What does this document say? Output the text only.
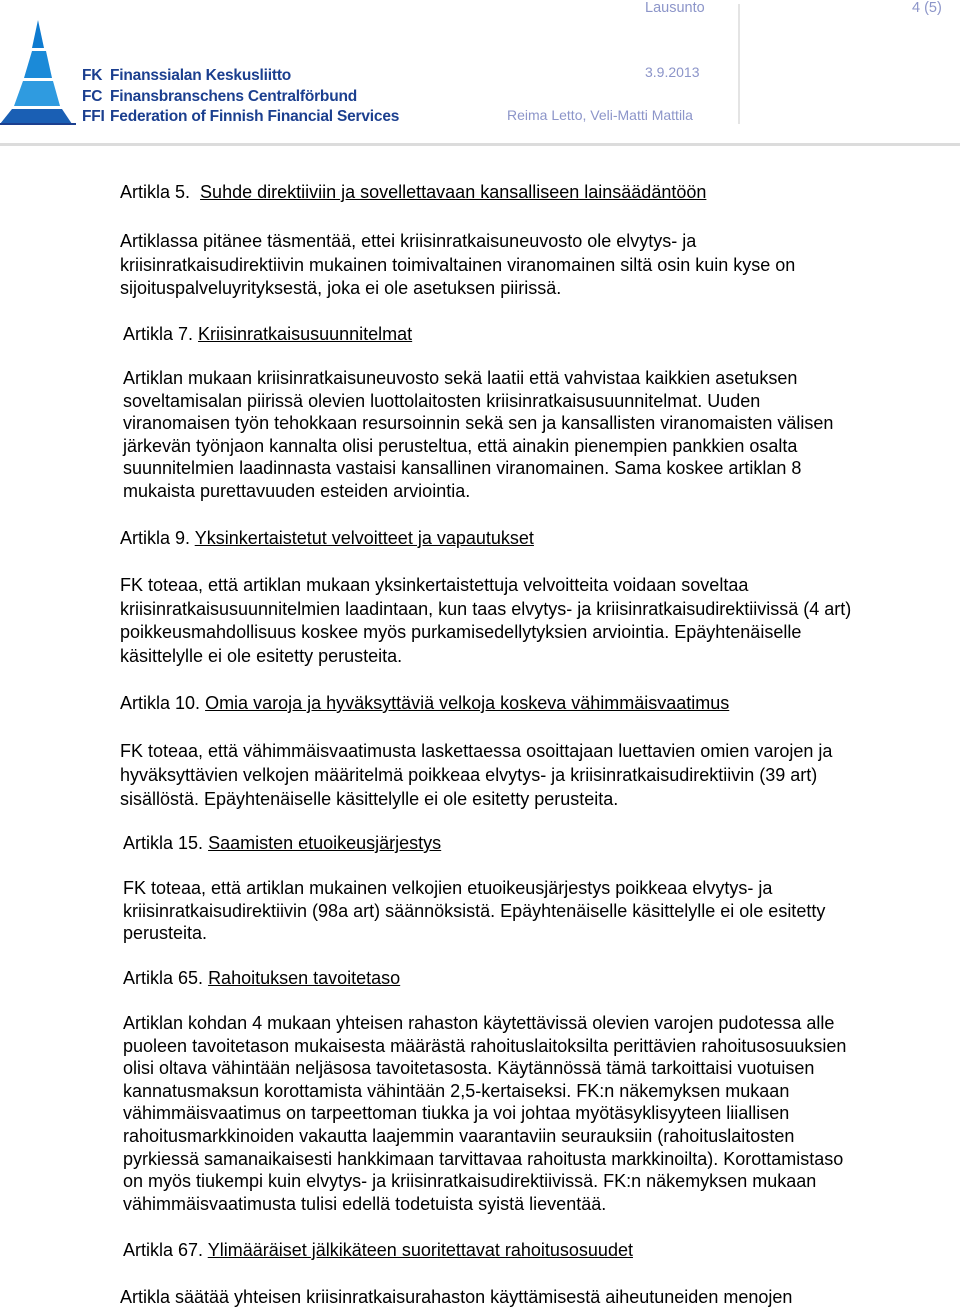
FK Finanssialan Keskusliitto
FC Finansbranschens Centralförbund
FFI Federation of Finnish Financial Services
Lausunto	4 (5)
3.9.2013
Reima Letto, Veli-Matti Mattila
Artikla 5. Suhde direktiiviin ja sovellettavaan kansalliseen lainsäädäntöön
Artiklassa pitänee täsmentää, ettei kriisinratkaisuneuvosto ole elvytys- ja
kriisinratkaisudirektiivin mukainen toimivaltainen viranomainen siltä osin kuin kyse on
sijoituspalveluyrityksestä, joka ei ole asetuksen piirissä.
Artikla 7. Kriisinratkaisusuunnitelmat
Artiklan mukaan kriisinratkaisuneuvosto sekä laatii että vahvistaa kaikkien asetuksen
soveltamisalan piirissä olevien luottolaitosten kriisinratkaisusuunnitelmat. Uuden
viranomaisen työn tehokkaan resursoinnin sekä sen ja kansallisten viranomaisten välisen
järkevän työnjaon kannalta olisi perusteltua, että ainakin pienempien pankkien osalta
suunnitelmien laadinnasta vastaisi kansallinen viranomainen. Sama koskee artiklan 8
mukaista purettavuuden esteiden arviointia.
Artikla 9. Yksinkertaistetut velvoitteet ja vapautukset
FK toteaa, että artiklan mukaan yksinkertaistettuja velvoitteita voidaan soveltaa
kriisinratkaisusuunnitelmien laadintaan, kun taas elvytys- ja kriisinratkaisudirektiivissä (4 art)
poikkeusmahdollisuus koskee myös purkamisedellytyksien arviointia. Epäyhtenäiselle
käsittelylle ei ole esitetty perusteita.
Artikla 10. Omia varoja ja hyväksyttäviä velkoja koskeva vähimmäisvaatimus
FK toteaa, että vähimmäisvaatimusta laskettaessa osoittajaan luettavien omien varojen ja
hyväksyttävien velkojen määritelmä poikkeaa elvytys- ja kriisinratkaisudirektiivin (39 art)
sisällöstä. Epäyhtenäiselle käsittelylle ei ole esitetty perusteita.
Artikla 15. Saamisten etuoikeusjärjestys
FK toteaa, että artiklan mukainen velkojien etuoikeusjärjestys poikkeaa elvytys- ja
kriisinratkaisudirektiivin (98a art) säännöksistä. Epäyhtenäiselle käsittelylle ei ole esitetty
perusteita.
Artikla 65. Rahoituksen tavoitetaso
Artiklan kohdan 4 mukaan yhteisen rahaston käytettävissä olevien varojen pudotessa alle
puoleen tavoitetason mukaisesta määrästä rahoituslaitoksilta perittävien rahoitusosuuksien
olisi oltava vähintään neljäsosa tavoitetasosta. Käytännössä tämä tarkoittaisi vuotuisen
kannatusmaksun korottamista vähintään 2,5-kertaiseksi. FK:n näkemyksen mukaan
vähimmäisvaatimus on tarpeettoman tiukka ja voi johtaa myötäsyklisyyteen liiallisen
rahoitusmarkkinoiden vakautta laajemmin vaarantaviin seurauksiin (rahoituslaitosten
pyrkiessä samanaikaisesti hankkimaan tarvittavaa rahoitusta markkinoilta). Korottamistaso
on myös tiukempi kuin elvytys- ja kriisinratkaisudirektiivissä. FK:n näkemyksen mukaan
vähimmäisvaatimusta tulisi edellä todetuista syistä lieventää.
Artikla 67. Ylimääräiset jälkikäteen suoritettavat rahoitusosuudet
Artikla säätää yhteisen kriisinratkaisurahaston käyttämisestä aiheutuneiden menojen
